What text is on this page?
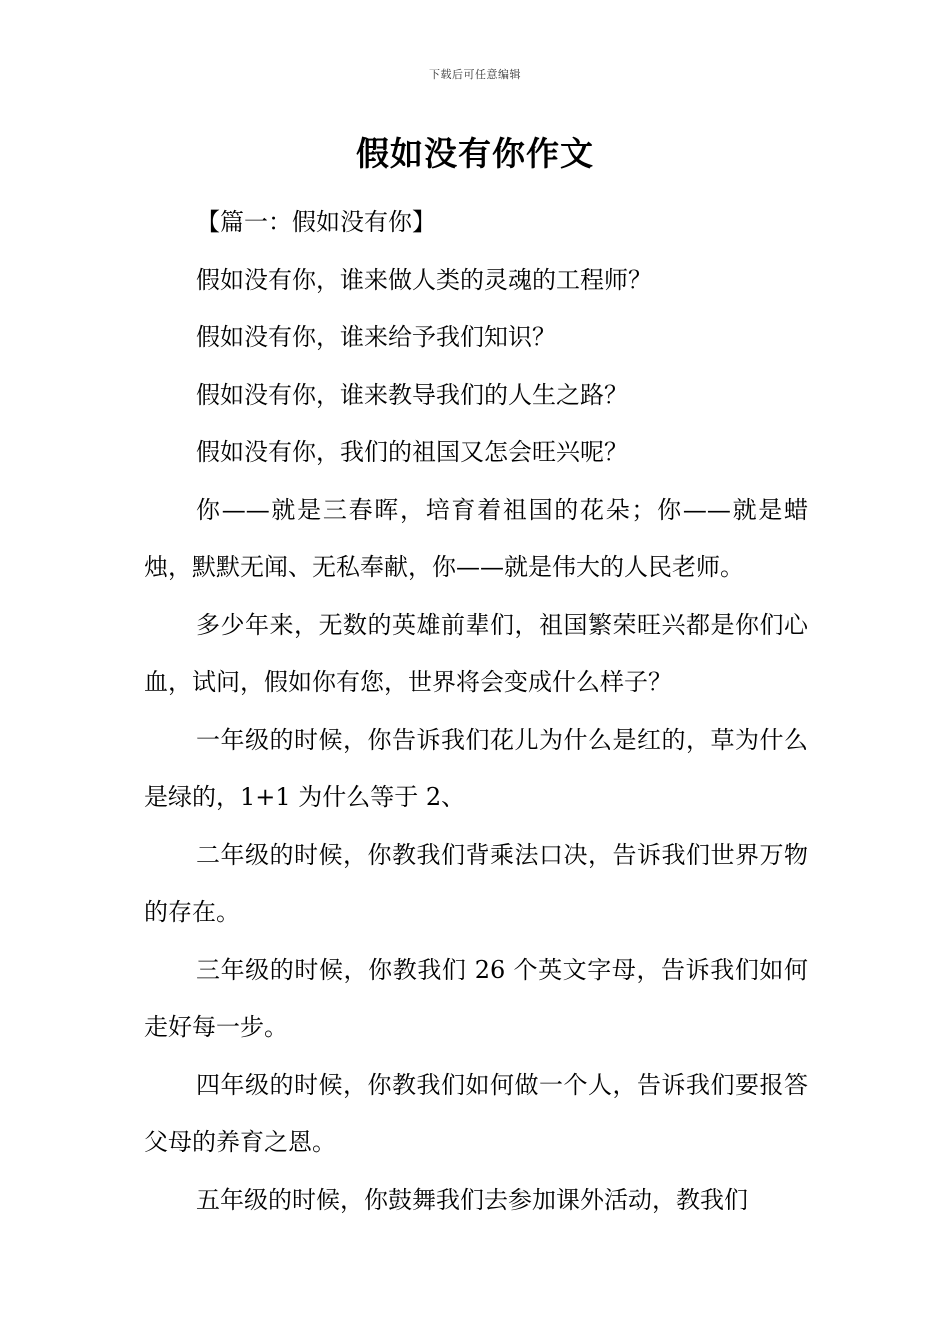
下载后可任意编辑
假如没有你作文

【篇一：假如没有你】

假如没有你，谁来做人类的灵魂的工程师？

假如没有你，谁来给予我们知识？

假如没有你，谁来教导我们的人生之路？

假如没有你，我们的祖国又怎会旺兴呢？

你——就是三春晖，培育着祖国的花朵；你——就是蜡烛，默默无闻、无私奉献，你——就是伟大的人民老师。

多少年来，无数的英雄前辈们，祖国繁荣旺兴都是你们心血，试问，假如你有您，世界将会变成什么样子？

一年级的时候，你告诉我们花儿为什么是红的，草为什么是绿的，1+1 为什么等于 2、

二年级的时候，你教我们背乘法口决，告诉我们世界万物的存在。

三年级的时候，你教我们 26 个英文字母，告诉我们如何走好每一步。

四年级的时候，你教我们如何做一个人，告诉我们要报答父母的养育之恩。

五年级的时候，你鼓舞我们去参加课外活动，教我们
